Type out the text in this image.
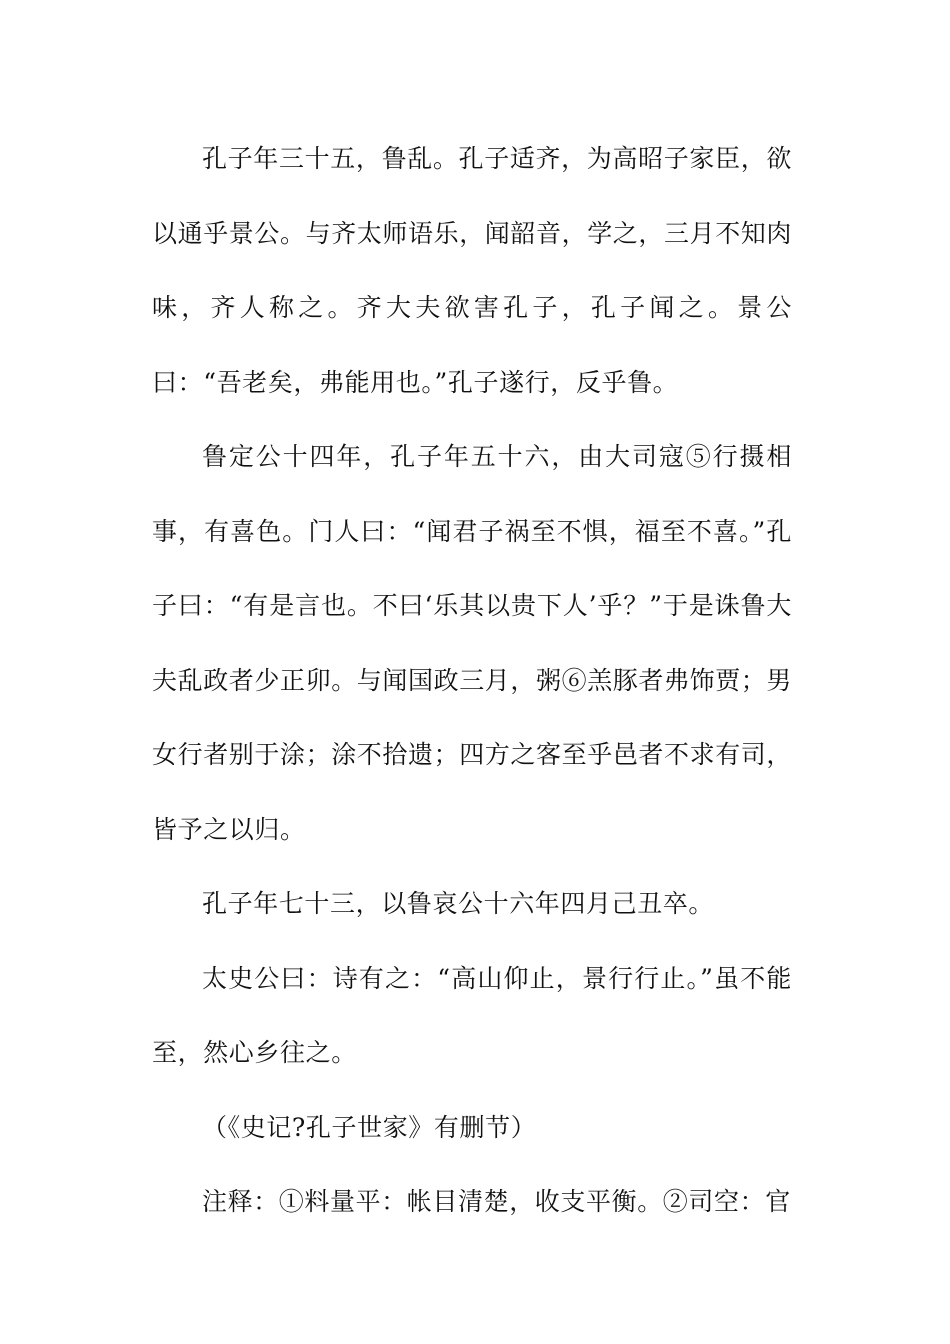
孔子年三十五，鲁乱。孔子适齐，为高昭子家臣，欲以通乎景公。与齐太师语乐，闻韶音，学之，三月不知肉味，齐人称之。齐大夫欲害孔子，孔子闻之。景公曰：“吾老矣，弗能用也。”孔子遂行，反乎鲁。

鲁定公十四年，孔子年五十六，由大司寇⑤行摄相事，有喜色。门人曰：“闻君子祸至不惧，福至不喜。”孔子曰：“有是言也。不曰‘乐其以贵下人’乎？”于是诛鲁大夫乱政者少正卯。与闻国政三月，粥⑥羔豚者弗饰贾；男女行者别于涂；涂不拾遗；四方之客至乎邑者不求有司，皆予之以归。

孔子年七十三，以鲁哀公十六年四月己丑卒。

太史公曰：诗有之：“高山仰止，景行行止。”虽不能至，然心乡往之。

（《史记?孔子世家》有删节）

注释：①料量平：帐目清楚，收支平衡。②司空：官
